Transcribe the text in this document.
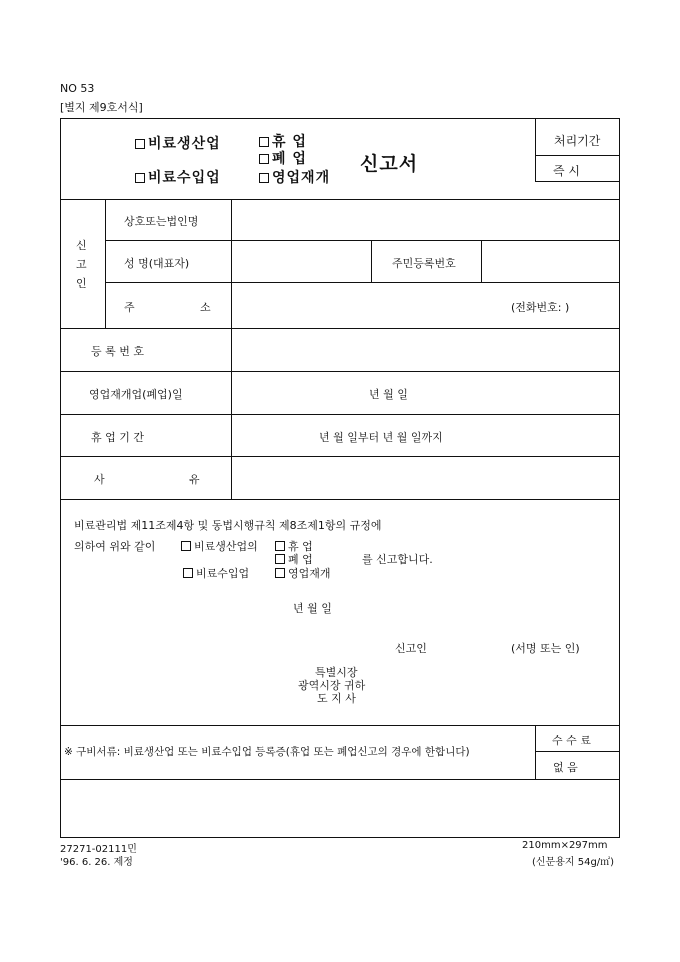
NO 53
[별지 제9호서식]
비료생산업
비료수입업
휴 업
폐 업
영업재개
신고서
처리기간
즉 시
신
고
인
상호또는법인명
성 명(대표자)	주민등록번호
주	소	(전화번호: )
등 록 번 호
영업재개업(폐업)일	년 월 일
휴 업 기 간	년 월 일부터 년 월 일까지
사	유
비료관리법 제11조제4항 및 동법시행규칙 제8조제1항의 규정에
의하여 위와 같이	비료생산업의	휴 업
폐 업	를 신고합니다.
비료수입업	영업재개
년 월 일
신고인	(서명 또는 인)
특별시장
광역시장 귀하
도 지 사
※ 구비서류: 비료생산업 또는 비료수입업 등록증(휴업 또는 폐업신고의 경우에 한합니다)
수 수 료
없 음
27271-02111민
'96. 6. 26. 제정
210mm×297mm
(신문용지 54g/㎡)
